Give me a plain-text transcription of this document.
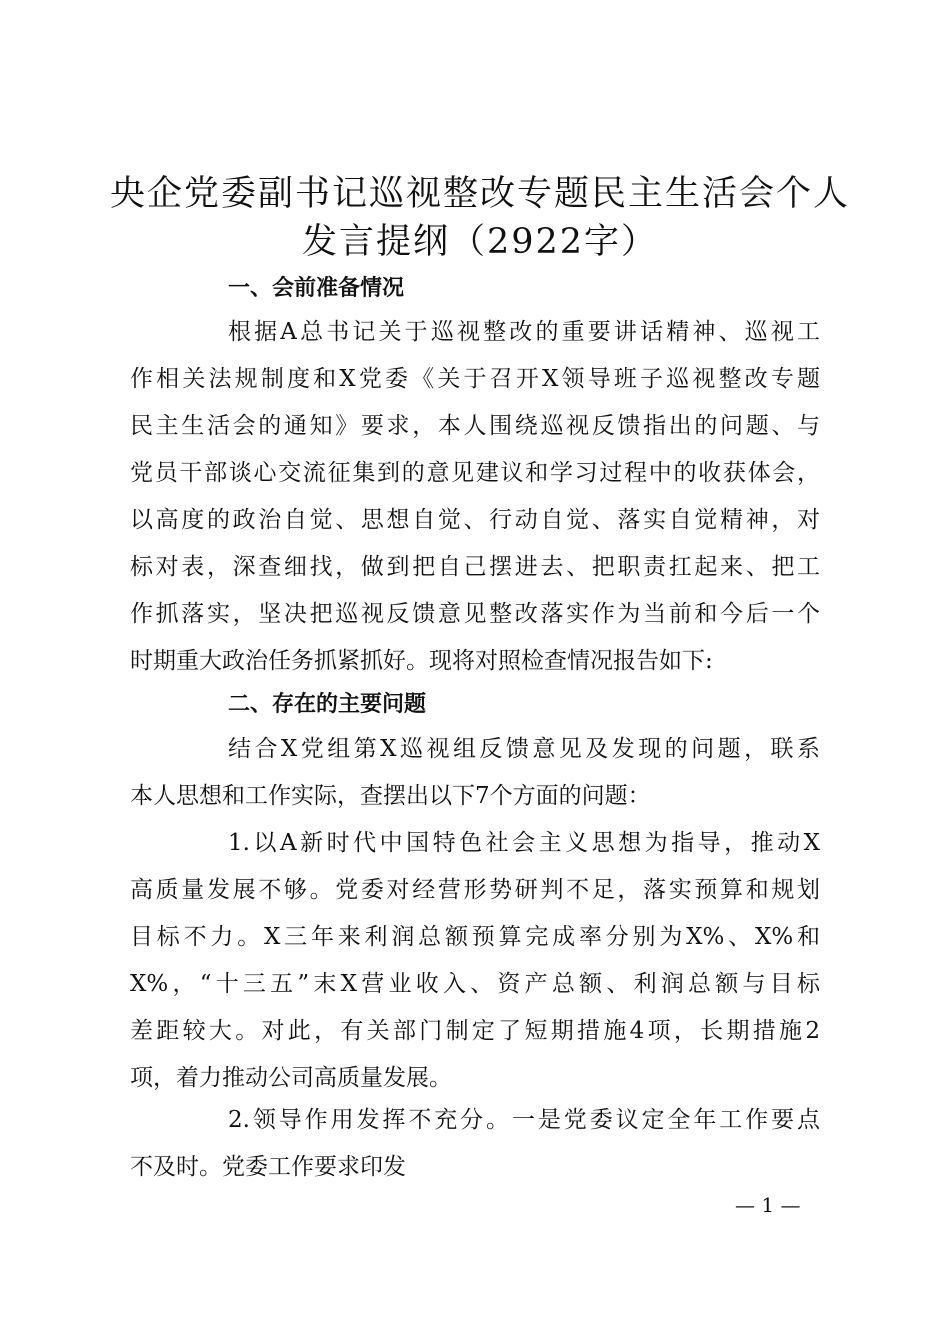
央企党委副书记巡视整改专题民主生活会个人
发言提纲（2922字）
一、会前准备情况
根据A总书记关于巡视整改的重要讲话精神、巡视工
作相关法规制度和X党委《关于召开X领导班子巡视整改专题
民主生活会的通知》要求，本人围绕巡视反馈指出的问题、与
党员干部谈心交流征集到的意见建议和学习过程中的收获体会，
以高度的政治自觉、思想自觉、行动自觉、落实自觉精神，对
标对表，深查细找，做到把自己摆进去、把职责扛起来、把工
作抓落实，坚决把巡视反馈意见整改落实作为当前和今后一个
时期重大政治任务抓紧抓好。现将对照检查情况报告如下:
二、存在的主要问题
结合X党组第X巡视组反馈意见及发现的问题，联系
本人思想和工作实际，查摆出以下7个方面的问题：
1.以A新时代中国特色社会主义思想为指导，推动X
高质量发展不够。党委对经营形势研判不足，落实预算和规划
目标不力。X三年来利润总额预算完成率分别为X%、X%和
X%，“十三五”末X营业收入、资产总额、利润总额与目标
差距较大。对此，有关部门制定了短期措施4项，长期措施2
项，着力推动公司高质量发展。
2.领导作用发挥不充分。一是党委议定全年工作要点
不及时。党委工作要求印发
— 1 —
